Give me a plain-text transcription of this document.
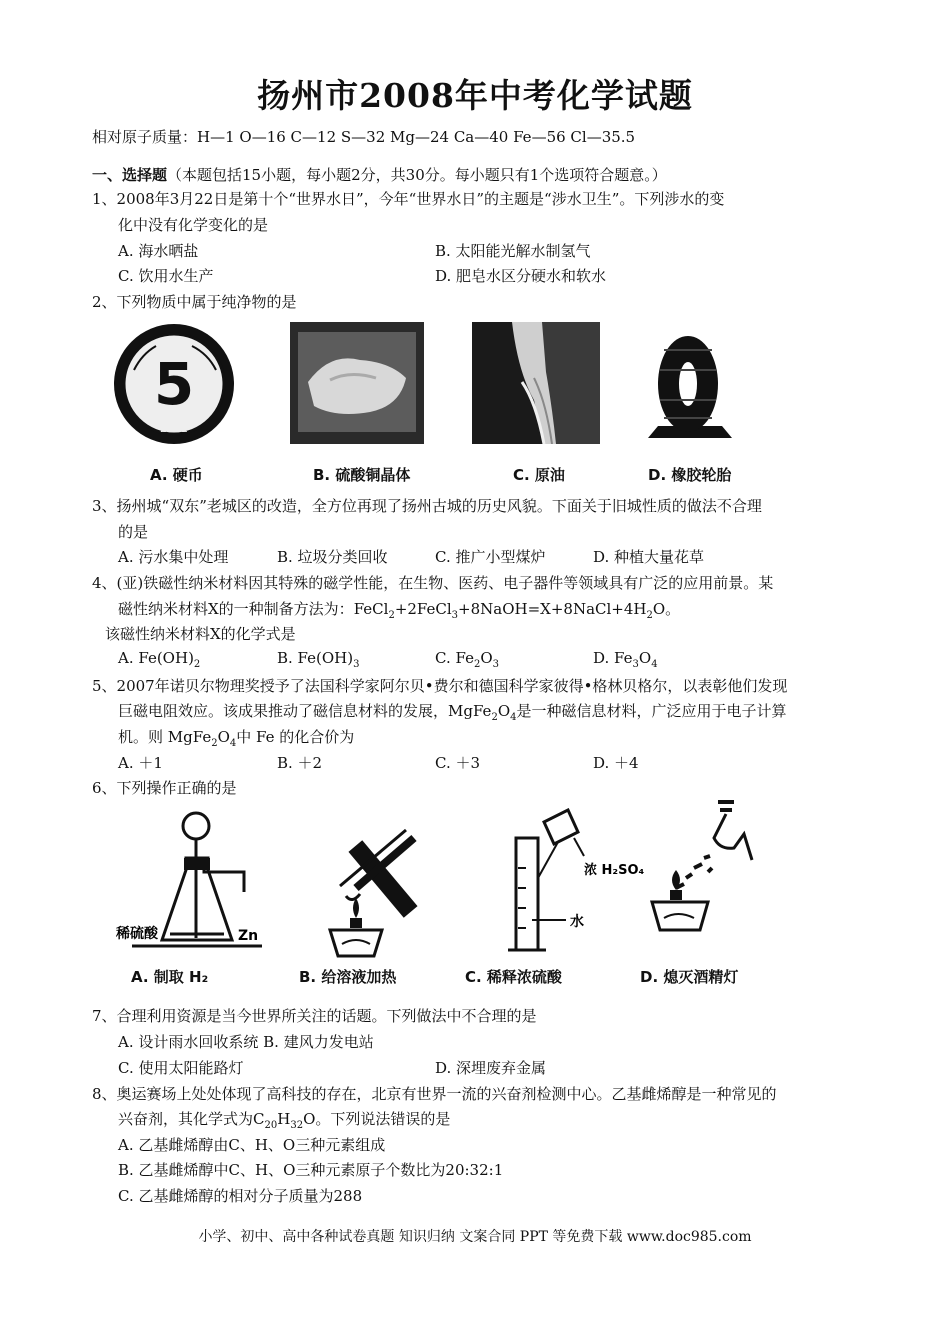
扬州市2008年中考化学试题
相对原子质量：H—1 O—16 C—12 S—32 Mg—24 Ca—40 Fe—56 Cl—35.5
一、选择题（本题包括15小题，每小题2分，共30分。每小题只有1个选项符合题意。）
1、2008年3月22日是第十个“世界水日”，今年“世界水日”的主题是“涉水卫生”。下列涉水的变
化中没有化学变化的是
A. 海水晒盐	B. 太阳能光解水制氢气
C. 饮用水生产	D. 肥皂水区分硬水和软水
2、下列物质中属于纯净物的是
5
2002
A. 硬币	B. 硫酸铜晶体	C. 原油	D. 橡胶轮胎
3、扬州城“双东”老城区的改造，全方位再现了扬州古城的历史风貌。下面关于旧城性质的做法不合理
的是
A. 污水集中处理	B. 垃圾分类回收	C. 推广小型煤炉	D. 种植大量花草
4、(亚)铁磁性纳米材料因其特殊的磁学性能，在生物、医药、电子器件等领域具有广泛的应用前景。某
磁性纳米材料X的一种制备方法为：$FeCl_2+2FeCl_3+8NaOH=X+8NaCl+4H_2O$。
该磁性纳米材料X的化学式是
A. $Fe(OH)_2$	B. $Fe(OH)_3$	C. $Fe_2O_3$	D. $Fe_3O_4$
5、2007年诺贝尔物理奖授予了法国科学家阿尔贝•费尔和德国科学家彼得•格林贝格尔，以表彰他们发现
巨磁电阻效应。该成果推动了磁信息材料的发展，$MgFe_2O_4$是一种磁信息材料，广泛应用于电子计算
机。则 $MgFe_2O_4$中 Fe 的化合价为
A. ＋1	B. ＋2	C. ＋3	D. ＋4
6、下列操作正确的是
稀硫酸	Zn
浓 H₂SO₄
水
A. 制取 H₂	B. 给溶液加热	C. 稀释浓硫酸	D. 熄灭酒精灯
7、合理利用资源是当今世界所关注的话题。下列做法中不合理的是
A. 设计雨水回收系统 B. 建风力发电站
C. 使用太阳能路灯	D. 深埋废弃金属
8、奥运赛场上处处体现了高科技的存在，北京有世界一流的兴奋剂检测中心。乙基雌烯醇是一种常见的
兴奋剂，其化学式为$C_{20}H_{32}O$。下列说法错误的是
A. 乙基雌烯醇由C、H、O三种元素组成
B. 乙基雌烯醇中C、H、O三种元素原子个数比为20:32:1
C. 乙基雌烯醇的相对分子质量为288
小学、初中、高中各种试卷真题 知识归纳 文案合同 PPT 等免费下载 www.doc985.com
